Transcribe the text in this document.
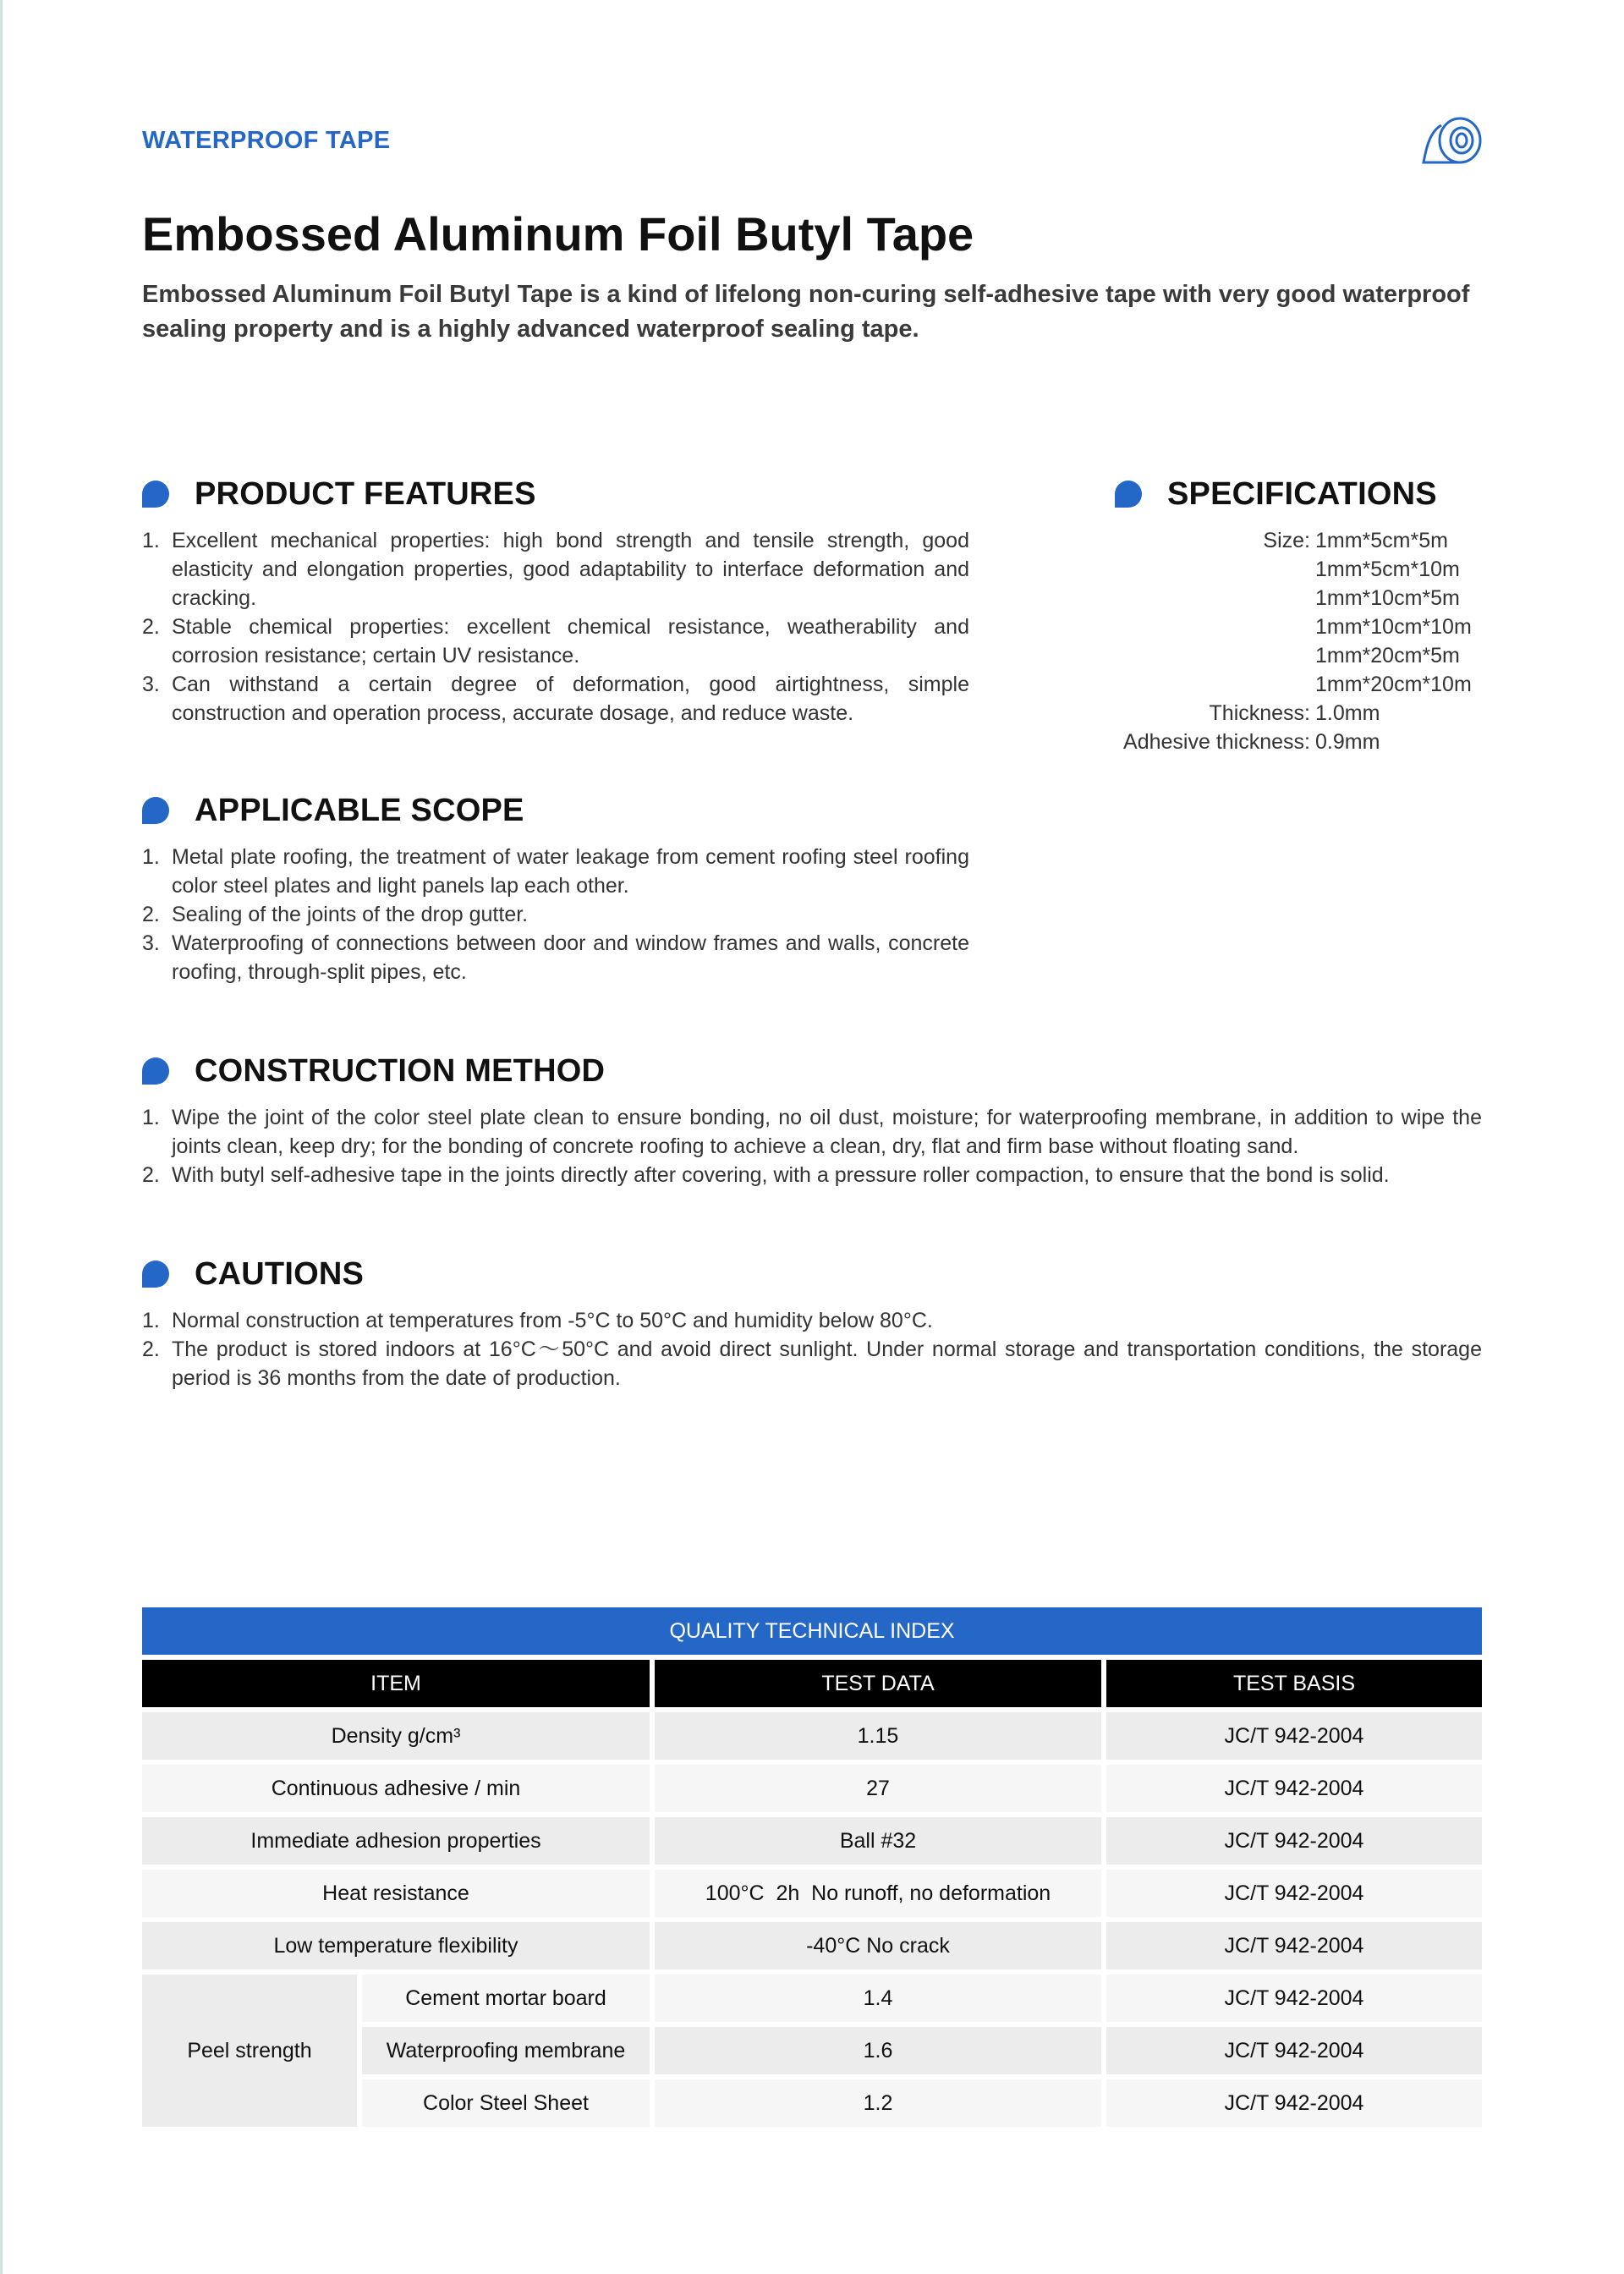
WATERPROOF TAPE
Embossed Aluminum Foil Butyl Tape

Embossed Aluminum Foil Butyl Tape is a kind of lifelong non-curing self-adhesive tape with very good waterproof sealing property and is a highly advanced waterproof sealing tape.

PRODUCT FEATURES
1. Excellent mechanical properties: high bond strength and tensile strength, good elasticity and elongation properties, good adaptability to interface deformation and cracking.
2. Stable chemical properties: excellent chemical resistance, weatherability and corrosion resistance; certain UV resistance.
3. Can withstand a certain degree of deformation, good airtightness, simple construction and operation process, accurate dosage, and reduce waste.
SPECIFICATIONS
Size: 1mm*5cm*5m
1mm*5cm*10m
1mm*10cm*5m
1mm*10cm*10m
1mm*20cm*5m
1mm*20cm*10m
Thickness: 1.0mm
Adhesive thickness: 0.9mm
APPLICABLE SCOPE
1. Metal plate roofing, the treatment of water leakage from cement roofing steel roofing color steel plates and light panels lap each other.
2. Sealing of the joints of the drop gutter.
3. Waterproofing of connections between door and window frames and walls, concrete roofing, through-split pipes, etc.
CONSTRUCTION METHOD
1. Wipe the joint of the color steel plate clean to ensure bonding, no oil dust, moisture; for waterproofing membrane, in addition to wipe the joints clean, keep dry; for the bonding of concrete roofing to achieve a clean, dry, flat and firm base without floating sand.
2. With butyl self-adhesive tape in the joints directly after covering, with a pressure roller compaction, to ensure that the bond is solid.
CAUTIONS
1. Normal construction at temperatures from -5°C to 50°C and humidity below 80°C.
2. The product is stored indoors at 16°C～50°C and avoid direct sunlight. Under normal storage and transportation conditions, the storage period is 36 months from the date of production.
QUALITY TECHNICAL INDEX			
ITEM		TEST DATA	TEST BASIS
Density g/cm³		1.15	JC/T 942-2004
Continuous adhesive / min		27	JC/T 942-2004
Immediate adhesion properties		Ball #32	JC/T 942-2004
Heat resistance		100°C  2h  No runoff, no deformation	JC/T 942-2004
Low temperature flexibility		-40°C No crack	JC/T 942-2004
Peel strength	Cement mortar board	1.4	JC/T 942-2004
	Waterproofing membrane	1.6	JC/T 942-2004
	Color Steel Sheet	1.2	JC/T 942-2004
